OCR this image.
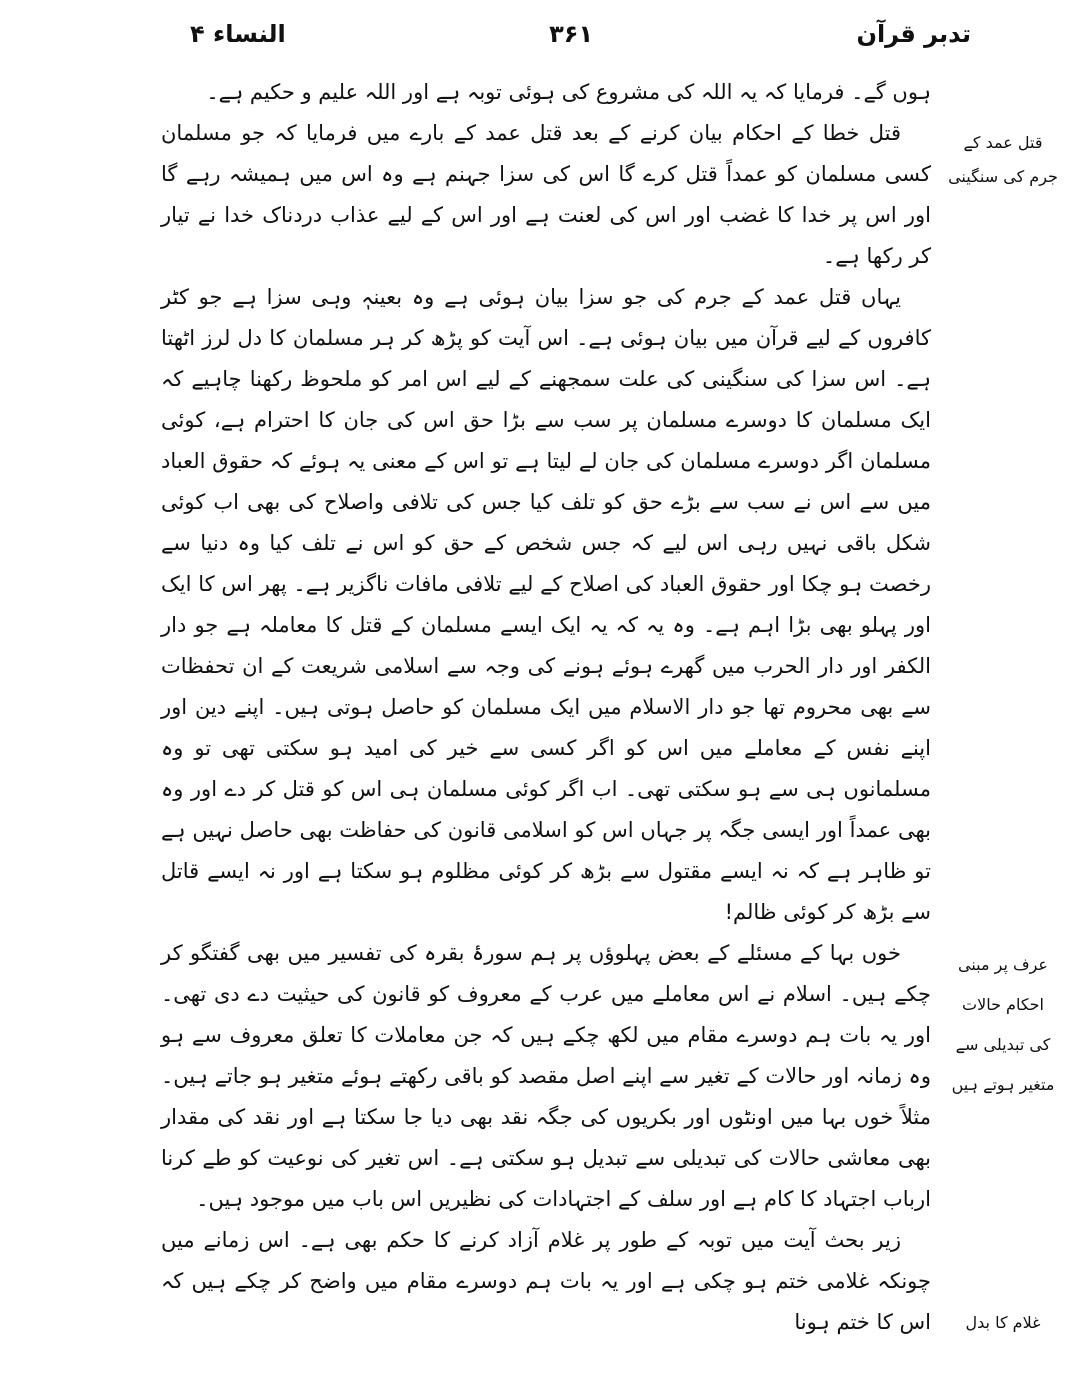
تدبر قرآن
۳۶۱
النساء ۴

ہوں گے۔ فرمایا کہ یہ اللہ کی مشروع کی ہوئی توبہ ہے اور اللہ علیم و حکیم ہے۔

قتل خطا کے احکام بیان کرنے کے بعد قتل عمد کے بارے میں فرمایا کہ جو مسلمان کسی مسلمان کو عمداً قتل کرے گا اس کی سزا جہنم ہے وہ اس میں ہمیشہ رہے گا اور اس پر خدا کا غضب اور اس کی لعنت ہے اور اس کے لیے عذاب دردناک خدا نے تیار کر رکھا ہے۔

یہاں قتل عمد کے جرم کی جو سزا بیان ہوئی ہے وہ بعینہٖ وہی سزا ہے جو کٹر کافروں کے لیے قرآن میں بیان ہوئی ہے۔ اس آیت کو پڑھ کر ہر مسلمان کا دل لرز اٹھتا ہے۔ اس سزا کی سنگینی کی علت سمجھنے کے لیے اس امر کو ملحوظ رکھنا چاہیے کہ ایک مسلمان کا دوسرے مسلمان پر سب سے بڑا حق اس کی جان کا احترام ہے، کوئی مسلمان اگر دوسرے مسلمان کی جان لے لیتا ہے تو اس کے معنی یہ ہوئے کہ حقوق العباد میں سے اس نے سب سے بڑے حق کو تلف کیا جس کی تلافی واصلاح کی بھی اب کوئی شکل باقی نہیں رہی اس لیے کہ جس شخص کے حق کو اس نے تلف کیا وہ دنیا سے رخصت ہو چکا اور حقوق العباد کی اصلاح کے لیے تلافی مافات ناگزیر ہے۔ پھر اس کا ایک اور پہلو بھی بڑا اہم ہے۔ وہ یہ کہ یہ ایک ایسے مسلمان کے قتل کا معاملہ ہے جو دار الکفر اور دار الحرب میں گھرے ہوئے ہونے کی وجہ سے اسلامی شریعت کے ان تحفظات سے بھی محروم تھا جو دار الاسلام میں ایک مسلمان کو حاصل ہوتی ہیں۔ اپنے دین اور اپنے نفس کے معاملے میں اس کو اگر کسی سے خیر کی امید ہو سکتی تھی تو وہ مسلمانوں ہی سے ہو سکتی تھی۔ اب اگر کوئی مسلمان ہی اس کو قتل کر دے اور وہ بھی عمداً اور ایسی جگہ پر جہاں اس کو اسلامی قانون کی حفاظت بھی حاصل نہیں ہے تو ظاہر ہے کہ نہ ایسے مقتول سے بڑھ کر کوئی مظلوم ہو سکتا ہے اور نہ ایسے قاتل سے بڑھ کر کوئی ظالم!

خوں بہا کے مسئلے کے بعض پہلوؤں پر ہم سورۂ بقرہ کی تفسیر میں بھی گفتگو کر چکے ہیں۔ اسلام نے اس معاملے میں عرب کے معروف کو قانون کی حیثیت دے دی تھی۔ اور یہ بات ہم دوسرے مقام میں لکھ چکے ہیں کہ جن معاملات کا تعلق معروف سے ہو وہ زمانہ اور حالات کے تغیر سے اپنے اصل مقصد کو باقی رکھتے ہوئے متغیر ہو جاتے ہیں۔ مثلاً خوں بہا میں اونٹوں اور بکریوں کی جگہ نقد بھی دیا جا سکتا ہے اور نقد کی مقدار بھی معاشی حالات کی تبدیلی سے تبدیل ہو سکتی ہے۔ اس تغیر کی نوعیت کو طے کرنا ارباب اجتہاد کا کام ہے اور سلف کے اجتہادات کی نظیریں اس باب میں موجود ہیں۔

زیر بحث آیت میں توبہ کے طور پر غلام آزاد کرنے کا حکم بھی ہے۔ اس زمانے میں چونکہ غلامی ختم ہو چکی ہے اور یہ بات ہم دوسرے مقام میں واضح کر چکے ہیں کہ اس کا ختم ہونا

قتل عمد کے
جرم کی سنگینی
عرف پر مبنی
احکام حالات
کی تبدیلی سے
متغیر ہوتے ہیں
غلام کا بدل
